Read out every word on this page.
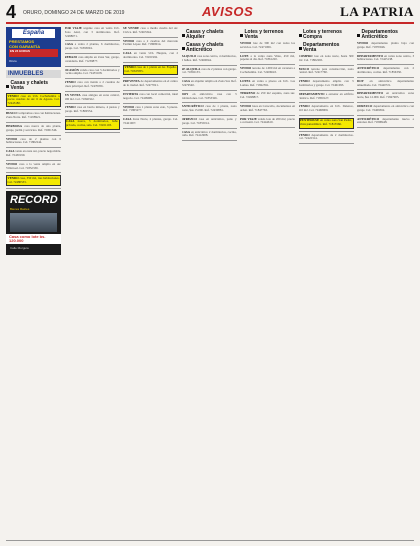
4 ORURO, DOMINGO 24 DE MARZO DE 2019	AVISOS	LA PATRIA
España
PRESTAMOS
CON GARANTÍA
EN 24 HORAS
Oruro
INMUEBLES
Casas y chalets Venta

VENDO casa en Urb. Cochabamba a pocas cuadras de Av. 6 de Agosto. Cel. 72445180.

BUSCO Compramos casa con habitaciones. Zona Norte. Ref. 71458921.

HERMOSA casa nueva de una planta, garaje, jardín y servicios. Ref. 72001546.

VENDO casa de 2 plantas con 6 habitaciones. Cel. 71802244.

CASA venta en zona sur, precio negociable. Ref. 72430199.

VENDO casa a la venta amplia en Av. Villarroel. Cel. 71852330.

VENDO casa, 350 m2, tres habitaciones. Cel. 72480533.

RECORD
Bienes Raíces
Casa como lote bs. 120.000
Calle Murguía

POR VIAJE urgente casa en venta Urb. Pozo Azul, con 3 dormitorios. Ref. 72488071.

CASA a venta 2 plantas, 6 dormitorios, garaje. Cel. 71893004.

REBAJO casa amplia en Zona Sur, garaje, lavandería. Ref. 71239877.

OCASIÓN vendo casa con 5 dormitorios y cocina amplia. Cel. 72455108.

VENDO casa con tienda a 2 cuadras de plaza principal. Ref. 72470056.

EN VENTA casa antigua en zona central, 190 m2. Cel. 71840322.

VENDO casa en barrio minero, 4 piezas y garaje. Ref. 71800554.

CASA nueva, 3 dormitorios, baño privado, cocina, sala. Cel. 72451103.

SE VENDE casa a media cuadra del Av. Cívica. Ref. 72463344.

VENDO casa a 2 cuadras del mercado Fermín López. Ref. 71868014.

CASA en venta Urb. Huajara, con 2 dormitorios. Cel. 72451992.

VENDO casa de 1 planta en Av. España. Cel. 71847055.

PREVENTA de departamentos en el centro de la ciudad. Ref. 72477021.

INVIERTA casa con local comercial, ideal negocio. Cel. 72409981.

VENDO casa 1 planta zona este, 3 piezas. Ref. 71805277.

CASA Zona Norte, 2 plantas, garaje. Cel. 72421007.

Casas y chalets Alquiler
Casas y chalets Anticrético

ALQUILO casa zona centro, 4 dormitorios, 2 baños. Ref. 72460044.

SE ALQUILA casa de 2 plantas con garaje. Cel. 71802133.

CASA en alquiler amplia en Zona Sur. Ref. 72479540.

DOY en anticrético casa con 3 habitaciones. Cel. 71853326.

ANTICRÉTICO casa de 1 planta, zona norte, $us 15.000. Ref. 72430881.

OFREZCO casa en anticrético, patio y garaje. Cel. 71855014.

CASA en anticrético 2 dormitorios, cocina, baño. Ref. 72412908.

Lotes y terrenos Venta

VENDO lote de 300 m2 con todos los servicios. Cel. 72471006.

LOTE a la venta zona Vinto, 450 m2, papeles al día. Ref. 71861220.

VENDO terreno de 1.000 m2 en carretera a Cochabamba. Cel. 72406643.

LOTES en venta a plazos en Urb. Las Lomas. Ref. 71822591.

TERRENO de 250 m2 esquina, zona sur. Cel. 72498817.

VENDO lotes en Caracollo, documentos en orden. Ref. 71847763.

POR VIAJE vendo lote de 200 m2, precio a convenir. Cel. 72444610.

Lotes y terrenos Compra
Departamentos Venta

COMPRO lote en zona norte, hasta 300 m2. Cel. 71802265.

BUSCO terreno para construcción, zona central. Ref. 72417760.

VENDO departamento amplio con 3 dormitorios y garaje. Cel. 72461093.

DEPARTAMENTO a estrenar en edificio céntrico. Ref. 71850127.

VENDO departamento en Urb. Dalence, 110 m2. Cel. 72468009.

PENTHOUSE en venta zona San Pedro, vista panorámica. Ref. 71815566.

VENDO departamento de 2 dormitorios. Cel. 72422314.

Departamentos Anticrético

VENDO departamento planta baja con garaje. Ref. 71870046.

DEPARTAMENTO en venta zona centro, 3 habitaciones. Cel. 72425138.

ANTICRÉTICO departamento con 2 dormitorios, cocina. Ref. 71856330.

DOY en anticrético departamento amueblado. Cel. 72440721.

DEPARTAMENTO en anticrético zona norte, $us 12.000. Ref. 71847905.

OFREZCO departamento en anticrético con garaje. Cel. 72409362.

ANTICRÉTICO departamento nuevo a estrenar. Ref. 71808448.
